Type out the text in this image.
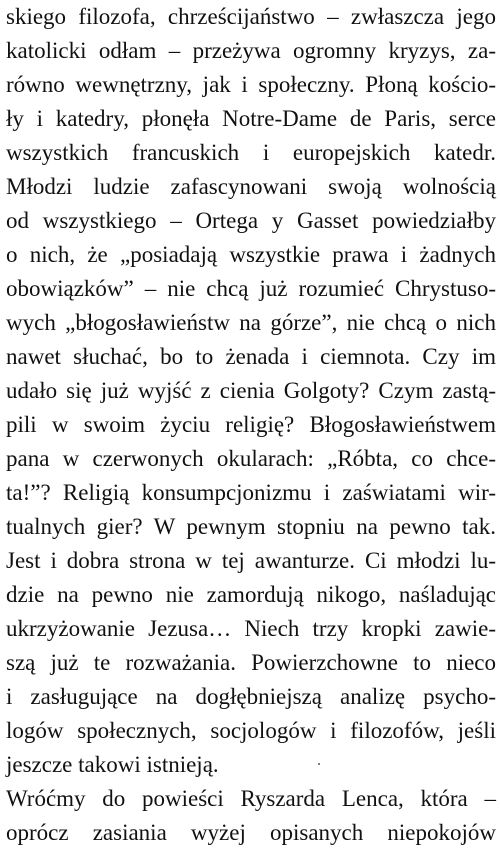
skiego filozofa, chrześcijaństwo – zwłaszcza jego
katolicki odłam – przeżywa ogromny kryzys, za-
równo wewnętrzny, jak i społeczny. Płoną kościo-
ły i katedry, płonęła Notre-Dame de Paris, serce
wszystkich francuskich i europejskich katedr.
Młodzi ludzie zafascynowani swoją wolnością
od wszystkiego – Ortega y Gasset powiedziałby
o nich, że „posiadają wszystkie prawa i żadnych
obowiązków” – nie chcą już rozumieć Chrystuso-
wych „błogosławieństw na górze”, nie chcą o nich
nawet słuchać, bo to żenada i ciemnota. Czy im
udało się już wyjść z cienia Golgoty? Czym zastą-
pili w swoim życiu religię? Błogosławieństwem
pana w czerwonych okularach: „Róbta, co chce-
ta!”? Religią konsumpcjonizmu i zaświatami wir-
tualnych gier? W pewnym stopniu na pewno tak.
Jest i dobra strona w tej awanturze. Ci młodzi lu-
dzie na pewno nie zamordują nikogo, naśladując
ukrzyżowanie Jezusa… Niech trzy kropki zawie-
szą już te rozważania. Powierzchowne to nieco
i zasługujące na dogłębniejszą analizę psycho-
logów społecznych, socjologów i filozofów, jeśli
jeszcze takowi istnieją.
Wróćmy do powieści Ryszarda Lenca, która –
oprócz zasiania wyżej opisanych niepokojów
